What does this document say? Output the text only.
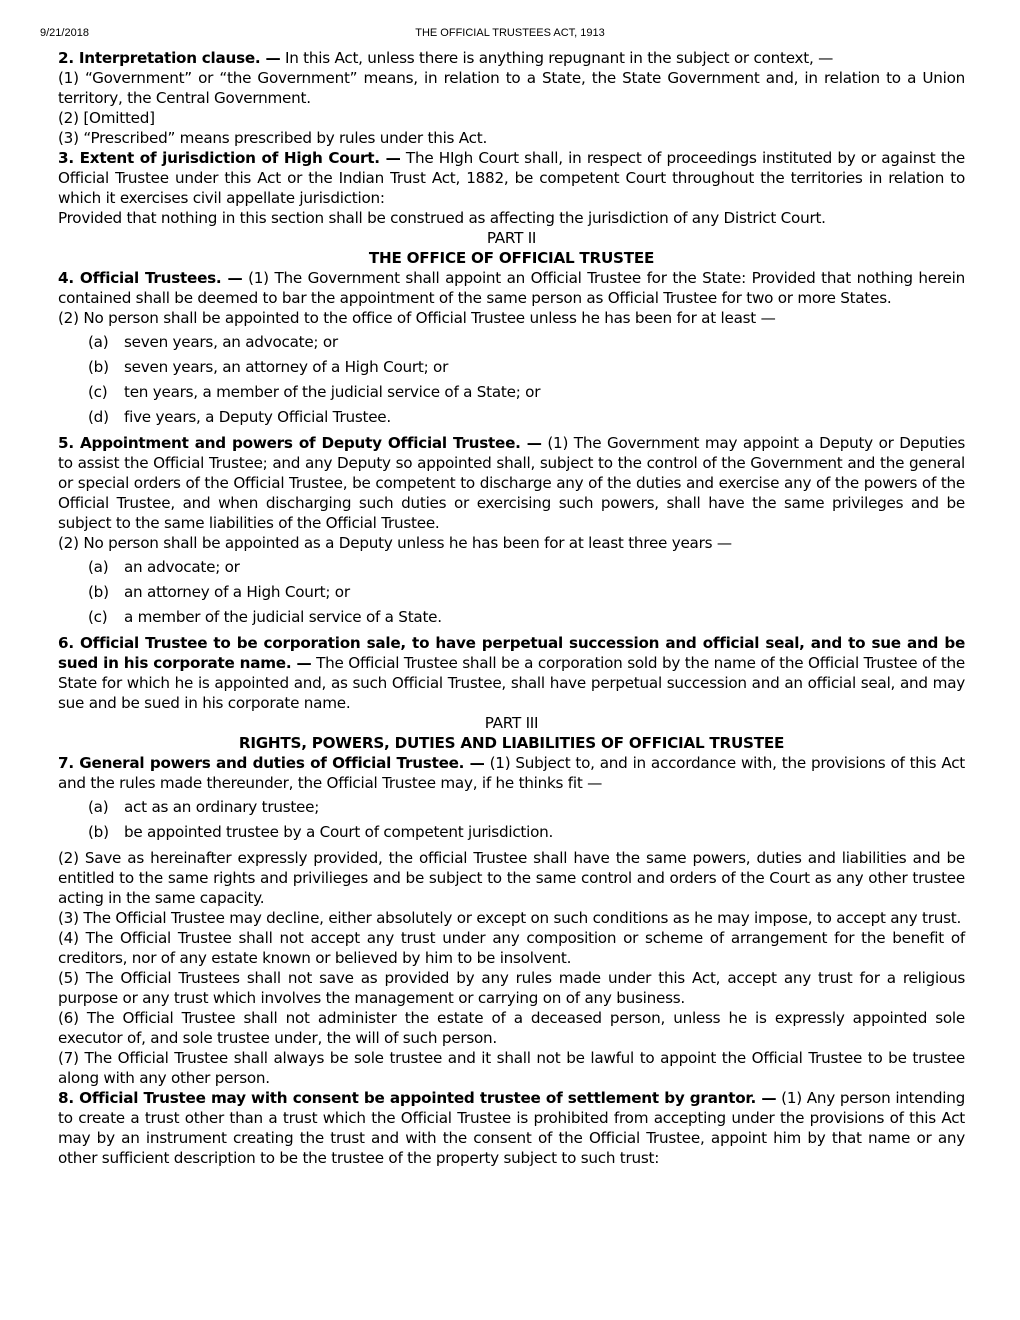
9/21/2018	THE OFFICIAL TRUSTEES ACT, 1913

2. Interpretation clause. — In this Act, unless there is anything repugnant in the subject or context, —

(1) “Government” or “the Government” means, in relation to a State, the State Government and, in relation to a Union territory, the Central Government.

(2) [Omitted]

(3) “Prescribed” means prescribed by rules under this Act.

3. Extent of jurisdiction of High Court. — The HIgh Court shall, in respect of proceedings instituted by or against the Official Trustee under this Act or the Indian Trust Act, 1882, be competent Court throughout the territories in relation to which it exercises civil appellate jurisdiction:

Provided that nothing in this section shall be construed as affecting the jurisdiction of any District Court.

PART II

THE OFFICE OF OFFICIAL TRUSTEE

4. Official Trustees. — (1) The Government shall appoint an Official Trustee for the State: Provided that nothing herein contained shall be deemed to bar the appointment of the same person as Official Trustee for two or more States.

(2) No person shall be appointed to the office of Official Trustee unless he has been for at least —

(a) seven years, an advocate; or

(b) seven years, an attorney of a High Court; or

(c) ten years, a member of the judicial service of a State; or

(d) five years, a Deputy Official Trustee.

5. Appointment and powers of Deputy Official Trustee. — (1) The Government may appoint a Deputy or Deputies to assist the Official Trustee; and any Deputy so appointed shall, subject to the control of the Government and the general or special orders of the Official Trustee, be competent to discharge any of the duties and exercise any of the powers of the Official Trustee, and when discharging such duties or exercising such powers, shall have the same privileges and be subject to the same liabilities of the Official Trustee.

(2) No person shall be appointed as a Deputy unless he has been for at least three years —

(a) an advocate; or

(b) an attorney of a High Court; or

(c) a member of the judicial service of a State.

6. Official Trustee to be corporation sale, to have perpetual succession and official seal, and to sue and be sued in his corporate name. — The Official Trustee shall be a corporation sold by the name of the Official Trustee of the State for which he is appointed and, as such Official Trustee, shall have perpetual succession and an official seal, and may sue and be sued in his corporate name.

PART III

RIGHTS, POWERS, DUTIES AND LIABILITIES OF OFFICIAL TRUSTEE

7. General powers and duties of Official Trustee. — (1) Subject to, and in accordance with, the provisions of this Act and the rules made thereunder, the Official Trustee may, if he thinks fit —

(a) act as an ordinary trustee;

(b) be appointed trustee by a Court of competent jurisdiction.

(2) Save as hereinafter expressly provided, the official Trustee shall have the same powers, duties and liabilities and be entitled to the same rights and privilieges and be subject to the same control and orders of the Court as any other trustee acting in the same capacity.

(3) The Official Trustee may decline, either absolutely or except on such conditions as he may impose, to accept any trust.

(4) The Official Trustee shall not accept any trust under any composition or scheme of arrangement for the benefit of creditors, nor of any estate known or believed by him to be insolvent.

(5) The Official Trustees shall not save as provided by any rules made under this Act, accept any trust for a religious purpose or any trust which involves the management or carrying on of any business.

(6) The Official Trustee shall not administer the estate of a deceased person, unless he is expressly appointed sole executor of, and sole trustee under, the will of such person.

(7) The Official Trustee shall always be sole trustee and it shall not be lawful to appoint the Official Trustee to be trustee along with any other person.

8. Official Trustee may with consent be appointed trustee of settlement by grantor. — (1) Any person intending to create a trust other than a trust which the Official Trustee is prohibited from accepting under the provisions of this Act may by an instrument creating the trust and with the consent of the Official Trustee, appoint him by that name or any other sufficient description to be the trustee of the property subject to such trust:
